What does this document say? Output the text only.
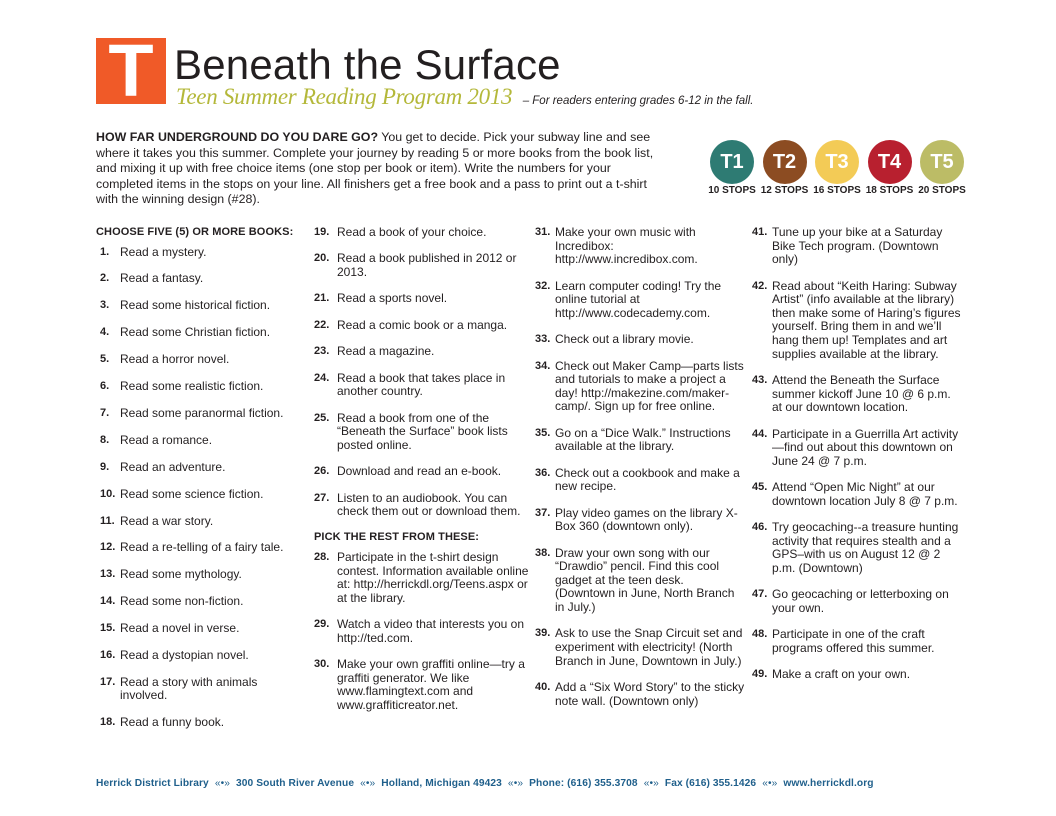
T Beneath the Surface
Teen Summer Reading Program 2013 – For readers entering grades 6-12 in the fall.

HOW FAR UNDERGROUND DO YOU DARE GO? You get to decide. Pick your subway line and see where it takes you this summer. Complete your journey by reading 5 or more books from the book list, and mixing it up with free choice items (one stop per book or item). Write the numbers for your completed items in the stops on your line. All finishers get a free book and a pass to print out a t-shirt with the winning design (#28).

T1
10 STOPS
T2
12 STOPS
T3
16 STOPS
T4
18 STOPS
T5
20 STOPS
CHOOSE FIVE (5) OR MORE BOOKS:
1. Read a mystery.
2. Read a fantasy.
3. Read some historical fiction.
4. Read some Christian fiction.
5. Read a horror novel.
6. Read some realistic fiction.
7. Read some paranormal fiction.
8. Read a romance.
9. Read an adventure.
10. Read some science fiction.
11. Read a war story.
12. Read a re-telling of a fairy tale.
13. Read some mythology.
14. Read some non-fiction.
15. Read a novel in verse.
16. Read a dystopian novel.
17. Read a story with animals involved.
18. Read a funny book.
19. Read a book of your choice.
20. Read a book published in 2012 or 2013.
21. Read a sports novel.
22. Read a comic book or a manga.
23. Read a magazine.
24. Read a book that takes place in another country.
25. Read a book from one of the “Beneath the Surface” book lists posted online.
26. Download and read an e-book.
27. Listen to an audiobook. You can check them out or download them.
PICK THE REST FROM THESE:
28. Participate in the t-shirt design contest. Information available online at: http://herrickdl.org/Teens.aspx or at the library.
29. Watch a video that interests you on http://ted.com.
30. Make your own graffiti online—try a graffiti generator. We like www.flamingtext.com and www.graffiticreator.net.
31. Make your own music with Incredibox: http://www.incredibox.com.
32. Learn computer coding! Try the online tutorial at http://www.codecademy.com.
33. Check out a library movie.
34. Check out Maker Camp—parts lists and tutorials to make a project a day! http://makezine.com/maker-camp/. Sign up for free online.
35. Go on a “Dice Walk.” Instructions available at the library.
36. Check out a cookbook and make a new recipe.
37. Play video games on the library X-Box 360 (downtown only).
38. Draw your own song with our “Drawdio” pencil. Find this cool gadget at the teen desk. (Downtown in June, North Branch in July.)
39. Ask to use the Snap Circuit set and experiment with electricity! (North Branch in June, Downtown in July.)
40. Add a “Six Word Story” to the sticky note wall. (Downtown only)
41. Tune up your bike at a Saturday Bike Tech program. (Downtown only)
42. Read about “Keith Haring: Subway Artist” (info available at the library) then make some of Haring’s figures yourself. Bring them in and we’ll hang them up! Templates and art supplies available at the library.
43. Attend the Beneath the Surface summer kickoff June 10 @ 6 p.m. at our downtown location.
44. Participate in a Guerrilla Art activity—find out about this downtown on June 24 @ 7 p.m.
45. Attend “Open Mic Night” at our downtown location July 8 @ 7 p.m.
46. Try geocaching--a treasure hunting activity that requires stealth and a GPS–with us on August 12 @ 2 p.m. (Downtown)
47. Go geocaching or letterboxing on your own.
48. Participate in one of the craft programs offered this summer.
49. Make a craft on your own.
Herrick District Library «•» 300 South River Avenue «•» Holland, Michigan 49423 «•» Phone: (616) 355.3708 «•» Fax (616) 355.1426 «•» www.herrickdl.org
